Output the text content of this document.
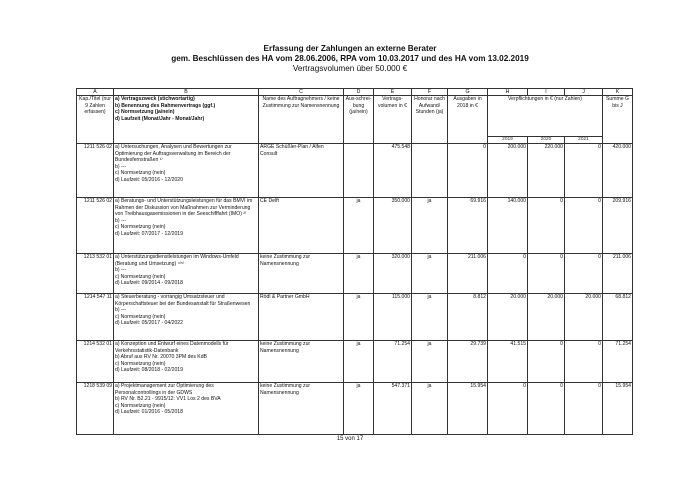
Erfassung der Zahlungen an externe Berater
gem. Beschlüssen des HA vom 28.06.2006, RPA vom 10.03.2017 und des HA vom 13.02.2019
Vertragsvolumen über 50.000 €
A	B	C	D	E	F	G	H	I	J	K
Kap./Titel (nur 9 Zahlen erfassen)	a) Vertragszweck (stichwortartig)
b) Benennung des Rahmenvertrags (ggf.)
c) Normsetzung (ja/nein)
d) Laufzeit (Monat/Jahr - Monat/Jahr)	Name des Auftragnehmers / keine Zustimmung zur Namensnennung	Aus-schrei-bung (ja/nein)	Vertrags-volumen in €	Honorar nach Aufwand/ Stunden (ja)	Ausgaben in 2018 in €	Verpflichtungen in € (nur Zahlen)			Summe G bis J
							2019	2020	2021	
1211 526 02	a) Untersuchungen, Analysen und Bewertungen zur Optimierung der Auftragsverwaltung im Bereich der Bundesfernstraßen ¹⁾
b) ---
c) Normsetzung (nein)
d) Laufzeit: 05/2016 - 12/2020	ARGE Schüßler-Plan / Alfen Consult		475.548		0	200.000	220.000	0	420.000
1211 526 02	a) Beratungs- und Unterstützungsleistungen für das BMVI im Rahmen der Diskussion von Maßnahmen zur Verminderung von Treibhausgasemissionen in der Seeschifffahrt (IMO) ²⁾
b) ---
c) Normsetzung (nein)
d) Laufzeit: 07/2017 - 12/2019	CE Delft	ja	350.000	ja	69.916	140.000	0	0	209.916
1213 532 01	a) Unterstützungsdienstleistungen im Windows-Umfeld (Beratung und Umsetzung) ⁴⁾⁵⁾
b) ---
c) Normsetzung (nein)
d) Laufzeit: 09/2014 - 09/2018	keine Zustimmung zur Namensnennung	ja	320.000	ja	211.006	0	0	0	211.006
1214 547 11	a) Steuerberatung - vorrangig Umsatzsteuer und Körperschaftsteuer bei der Bundesanstalt für Straßenwesen
b) ---
c) Normsetzung (nein)
d) Laufzeit: 05/2017 - 04/2022	Rödl & Partner GmbH	ja	115.000	ja	8.812	20.000	20.000	20.000	68.812
1214 532 01	a) Konzeption und Entwurf eines Datenmodells für Verkehrsstatistik-Datenbank
b) Abruf aus RV Nr. 20070 3PM des KdB
c) Normsetzung (nein)
d) Laufzeit: 08/2018 - 02/2019	keine Zustimmung zur Namensnennung	ja	71.254	ja	29.739	41.515	0	0	71.254
1218 539 09	a) Projektmanagement zur Optimierung des Personalcontrollings in der GDWS
b) RV Nr. B2.21 - 9915/12: VV1 Los 2 des BVA
c) Normsetzung (nein)
d) Laufzeit: 01/2016 - 05/2018	keine Zustimmung zur Namensnennung	ja	547.371	ja	15.954	0	0	0	15.954
15 von 17
